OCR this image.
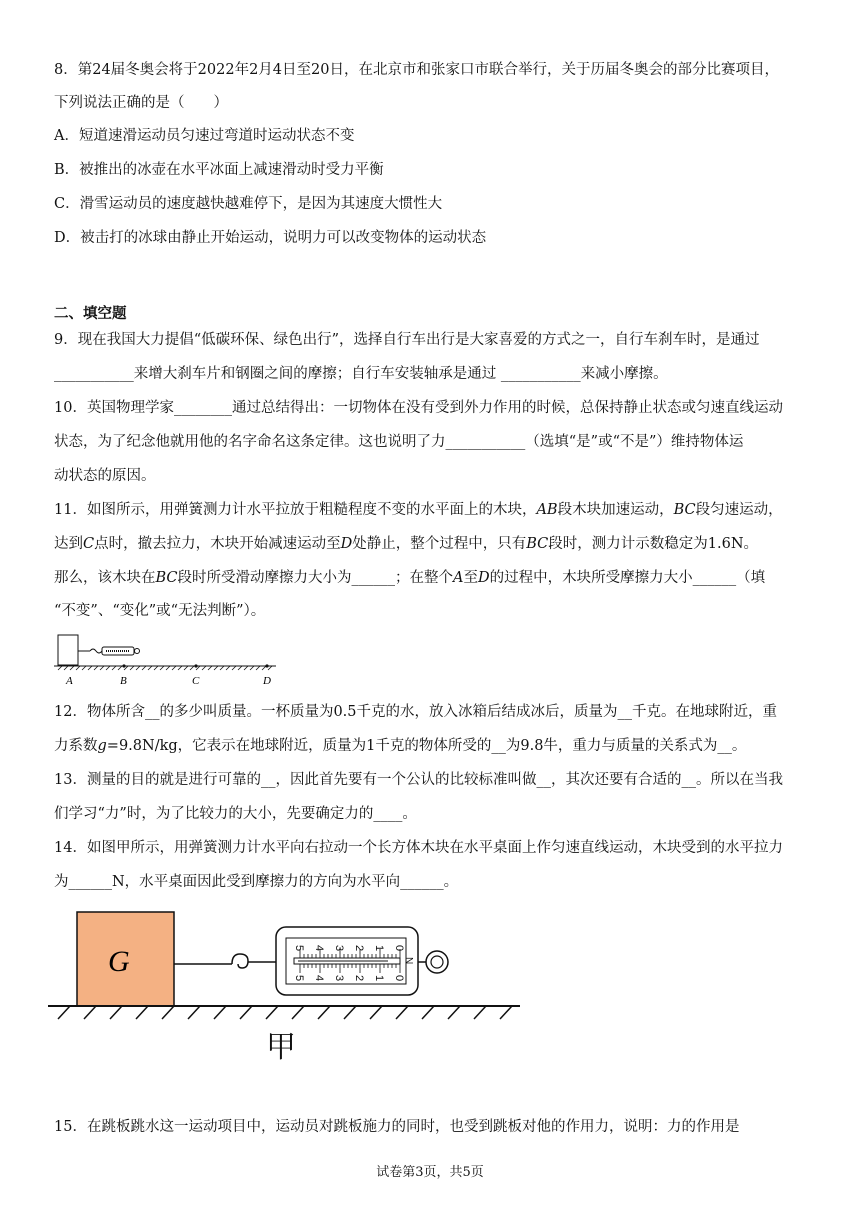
8．第24届冬奥会将于2022年2月4日至20日，在北京市和张家口市联合举行，关于历届冬奥会的部分比赛项目，
下列说法正确的是（　　）
A．短道速滑运动员匀速过弯道时运动状态不变
B．被推出的冰壶在水平冰面上减速滑动时受力平衡
C．滑雪运动员的速度越快越难停下，是因为其速度大惯性大
D．被击打的冰球由静止开始运动，说明力可以改变物体的运动状态
二、填空题
9．现在我国大力提倡“低碳环保、绿色出行”，选择自行车出行是大家喜爱的方式之一，自行车刹车时，是通过
___________来增大刹车片和钢圈之间的摩擦；自行车安装轴承是通过 ___________来减小摩擦。
10．英国物理学家________通过总结得出：一切物体在没有受到外力作用的时候，总保持静止状态或匀速直线运动
状态，为了纪念他就用他的名字命名这条定律。这也说明了力___________（选填“是”或“不是”）维持物体运
动状态的原因。
11．如图所示，用弹簧测力计水平拉放于粗糙程度不变的水平面上的木块，AB段木块加速运动，BC段匀速运动，
达到C点时，撤去拉力，木块开始减速运动至D处静止，整个过程中，只有BC段时，测力计示数稳定为1.6N。
那么，该木块在BC段时所受滑动摩擦力大小为______；在整个A至D的过程中，木块所受摩擦力大小______（填
“不变”、“变化”或“无法判断”）。
A	B	C	D
12．物体所含__的多少叫质量。一杯质量为0.5千克的水，放入冰箱后结成冰后，质量为__千克。在地球附近，重
力系数g=9.8N/kg，它表示在地球附近，质量为1千克的物体所受的__为9.8牛，重力与质量的关系式为__。
13．测量的目的就是进行可靠的__，因此首先要有一个公认的比较标准叫做__，其次还要有合适的__。所以在当我
们学习“力”时，为了比较力的大小，先要确定力的____。
14．如图甲所示，用弹簧测力计水平向右拉动一个长方体木块在水平桌面上作匀速直线运动，木块受到的水平拉力
为______N，水平桌面因此受到摩擦力的方向为水平向______。
G	5 4 3 2 1 0
5 4 3 2 1 0
N
甲
15．在跳板跳水这一运动项目中，运动员对跳板施力的同时，也受到跳板对他的作用力，说明：力的作用是
试卷第3页，共5页
